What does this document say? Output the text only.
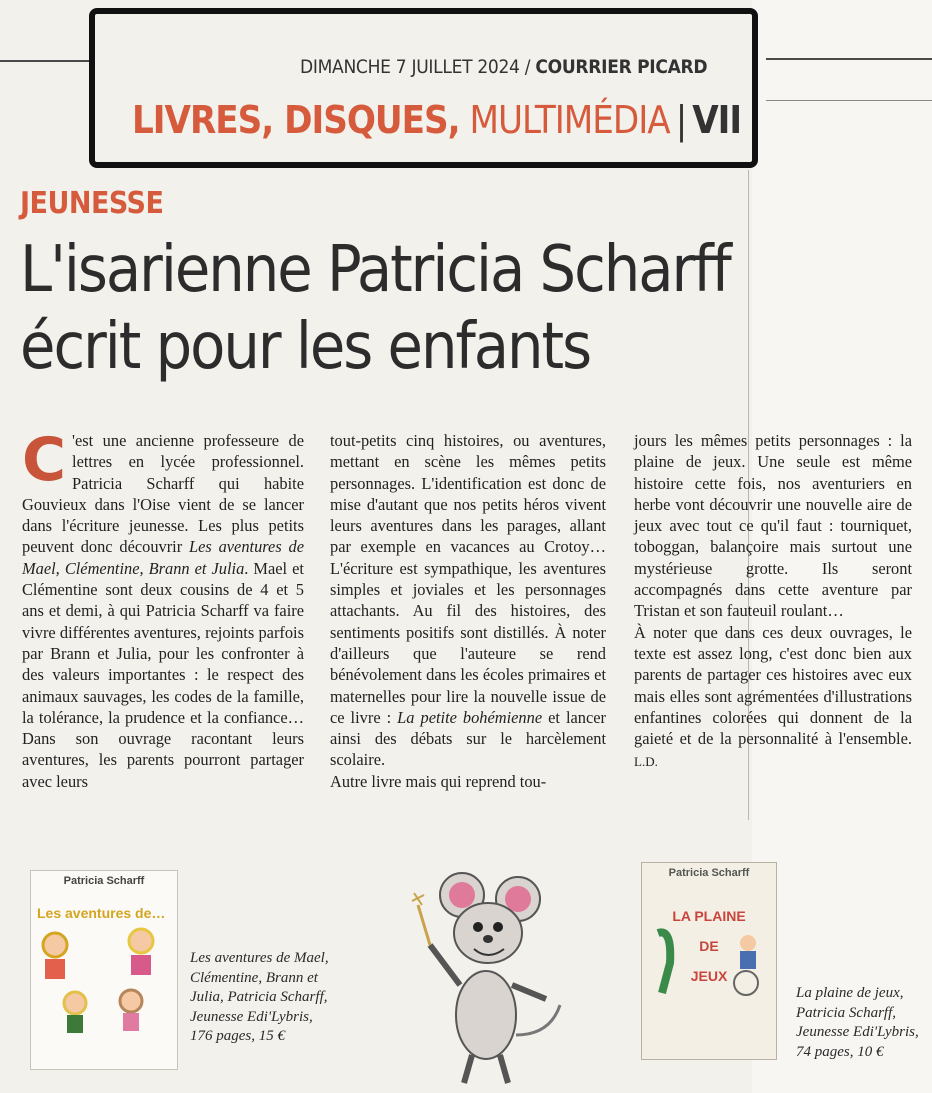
DIMANCHE 7 JUILLET 2024 / COURRIER PICARD
LIVRES, DISQUES, MULTIMÉDIA | VII
JEUNESSE
L'isarienne Patricia Scharff
écrit pour les enfants

C 'est une ancienne professeure de lettres en lycée professionnel. Patricia Scharff qui habite Gouvieux dans l'Oise vient de se lancer dans l'écriture jeunesse. Les plus petits peuvent donc découvrir Les aventures de Mael, Clémentine, Brann et Julia. Mael et Clémentine sont deux cousins de 4 et 5 ans et demi, à qui Patricia Scharff va faire vivre différentes aventures, rejoints parfois par Brann et Julia, pour les confronter à des valeurs importantes : le respect des animaux sauvages, les codes de la famille, la tolérance, la prudence et la confiance… Dans son ouvrage racontant leurs aventures, les parents pourront partager avec leurs

tout-petits cinq histoires, ou aventures, mettant en scène les mêmes petits personnages. L'identification est donc de mise d'autant que nos petits héros vivent leurs aventures dans les parages, allant par exemple en vacances au Crotoy… L'écriture est sympathique, les aventures simples et joviales et les personnages attachants. Au fil des histoires, des sentiments positifs sont distillés. À noter d'ailleurs que l'auteure se rend bénévolement dans les écoles primaires et maternelles pour lire la nouvelle issue de ce livre : La petite bohémienne et lancer ainsi des débats sur le harcèlement scolaire.

Autre livre mais qui reprend tou-

jours les mêmes petits personnages : la plaine de jeux. Une seule est même histoire cette fois, nos aventuriers en herbe vont découvrir une nouvelle aire de jeux avec tout ce qu'il faut : tourniquet, toboggan, balançoire mais surtout une mystérieuse grotte. Ils seront accompagnés dans cette aventure par Tristan et son fauteuil roulant…

À noter que dans ces deux ouvrages, le texte est assez long, c'est donc bien aux parents de partager ces histoires avec eux mais elles sont agrémentées d'illustrations enfantines colorées qui donnent de la gaieté et de la personnalité à l'ensemble. L.D.

Patricia Scharff
Les aventures de…
Les aventures de Mael, Clémentine, Brann et Julia, Patricia Scharff, Jeunesse Edi'Lybris, 176 pages, 15 €
Patricia Scharff
LA PLAINE
DE
JEUX
La plaine de jeux, Patricia Scharff, Jeunesse Edi'Lybris, 74 pages, 10 €
